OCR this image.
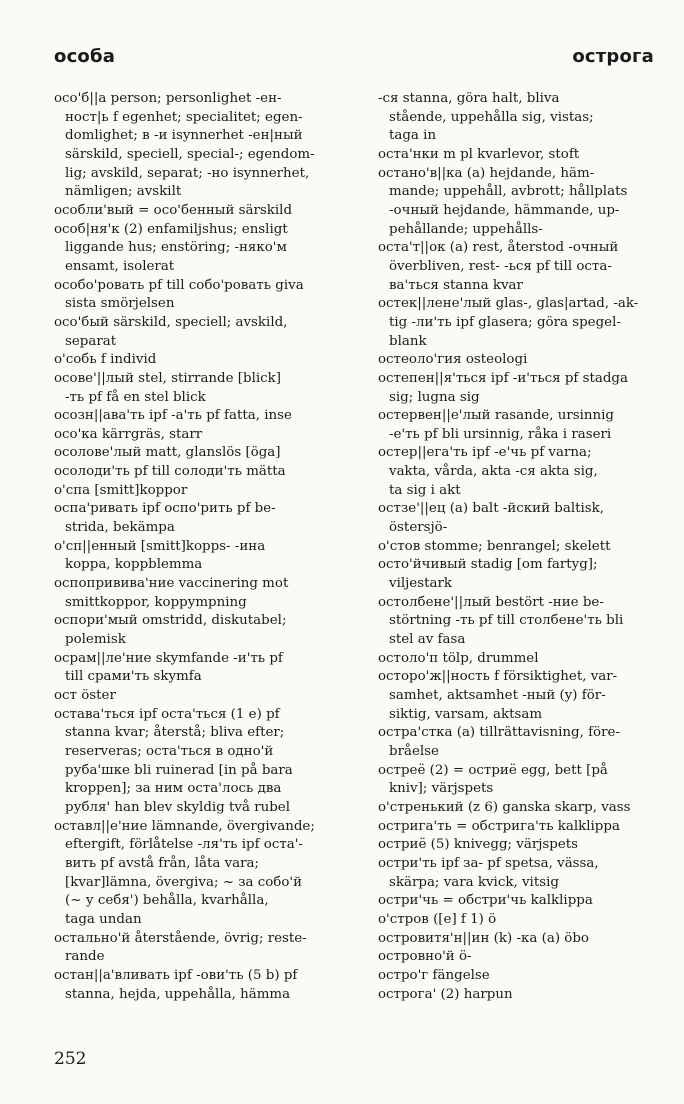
особа	острога

осо'б||а person; personlighet -ен-
ност|ь f egenhet; specialitet; egen-
domlighet; в -и isynnerhet -ен|ный
särskild, speciell, special-; egendom-
lig; avskild, separat; -но isynnerhet,
nämligen; avskilt

особли'вый = осо'бенный särskild

особ|ня'к (2) enfamiljshus; ensligt
liggande hus; enstöring; -няко'м
ensamt, isolerat

особо'ровать pf till собо'ровать giva
sista smörjelsen

осо'бый särskild, speciell; avskild,
separat

о'собь f individ

осове'||лый stel, stirrande [blick]
-ть pf få en stel blick

осозн||ава'ть ipf -а'ть pf fatta, inse

осо'ка kärrgräs, starr

осолове'лый matt, glanslös [öga]

осолоди'ть pf till солоди'ть mätta

о'спа [smitt]koppor

оспа'ривать ipf оспо'рить pf be-
strida, bekämpa

о'сп||енный [smitt]kopps- -ина
koppa, koppblemma

оспопрививa'ние vaccinering mot
smittkoppor, koppympning

оспори'мый omstridd, diskutabel;
polemisk

осрам||ле'ние skymfande -и'ть pf
till срами'ть skymfa

ост öster

остава'ться ipf оста'ться (1 e) pf
stanna kvar; återstå; bliva efter;
reserveras; оста'ться в одно'й
руба'шке bli ruinerad [in på bara
kroppen]; за ним оста'лось два
рубля' han blev skyldig två rubel

оставл||е'ние lämnande, övergivande;
eftergift, förlåtelse -ля'ть ipf оста'-
вить pf avstå från, låta vara;
[kvar]lämna, övergiva; ~ за собо'й
(~ у себя') behålla, kvarhålla,
taga undan

остально'й återstående, övrig; reste-
rande

остан||а'вливать ipf -ови'ть (5 b) pf
stanna, hejda, uppehålla, hämma

-ся stanna, göra halt, bliva
stående, uppehålla sig, vistas;
taga in

оста'нки m pl kvarlevor, stoft

остано'в||ка (a) hejdande, häm-
mande; uppehåll, avbrott; hållplats
-очный hejdande, hämmande, up-
pehållande; uppehålls-

оста'т||ок (a) rest, återstod -очный
överbliven, rest- -ься pf till оста-
ва'ться stanna kvar

остек||лене'лый glas-, glas|artad, -ak-
tig -ли'ть ipf glasera; göra spegel-
blank

остеоло'гия osteologi

остепен||я'ться ipf -и'ться pf stadga
sig; lugna sig

остервен||е'лый rasande, ursinnig
-е'ть pf bli ursinnig, råka i raseri

остер||ега'ть ipf -е'чь pf varna;
vakta, vårda, akta -ся akta sig,
ta sig i akt

остзе'||ец (a) balt -йский baltisk,
östersjö-

о'стов stomme; benrangel; skelett

осто'йчивый stadig [om fartyg];
viljestark

остолбене'||лый bestört -ние be-
störtning -ть pf till столбене'ть bli
stel av fasa

остоло'п tölp, drummel

осторо'ж||ность f försiktighet, var-
samhet, aktsamhet -ный (y) för-
siktig, varsam, aktsam

остра'стка (a) tillrättavisning, före-
bråelse

остреё (2) = остриё egg, bett [på
kniv]; värjspets

о'стренький (z 6) ganska skarp, vass

остригa'ть = обстрига'ть kalklippa

остриё (5) knivegg; värjspets

остри'ть ipf за- pf spetsa, vässa,
skärpa; vara kvick, vitsig

остри'чь = обстри'чь kalklippa

о'стров ([e] f 1) ö

островитя'н||ин (k) -ка (a) öbo

островно'й ö-

остро'г fängelse

острога' (2) harpun

252
